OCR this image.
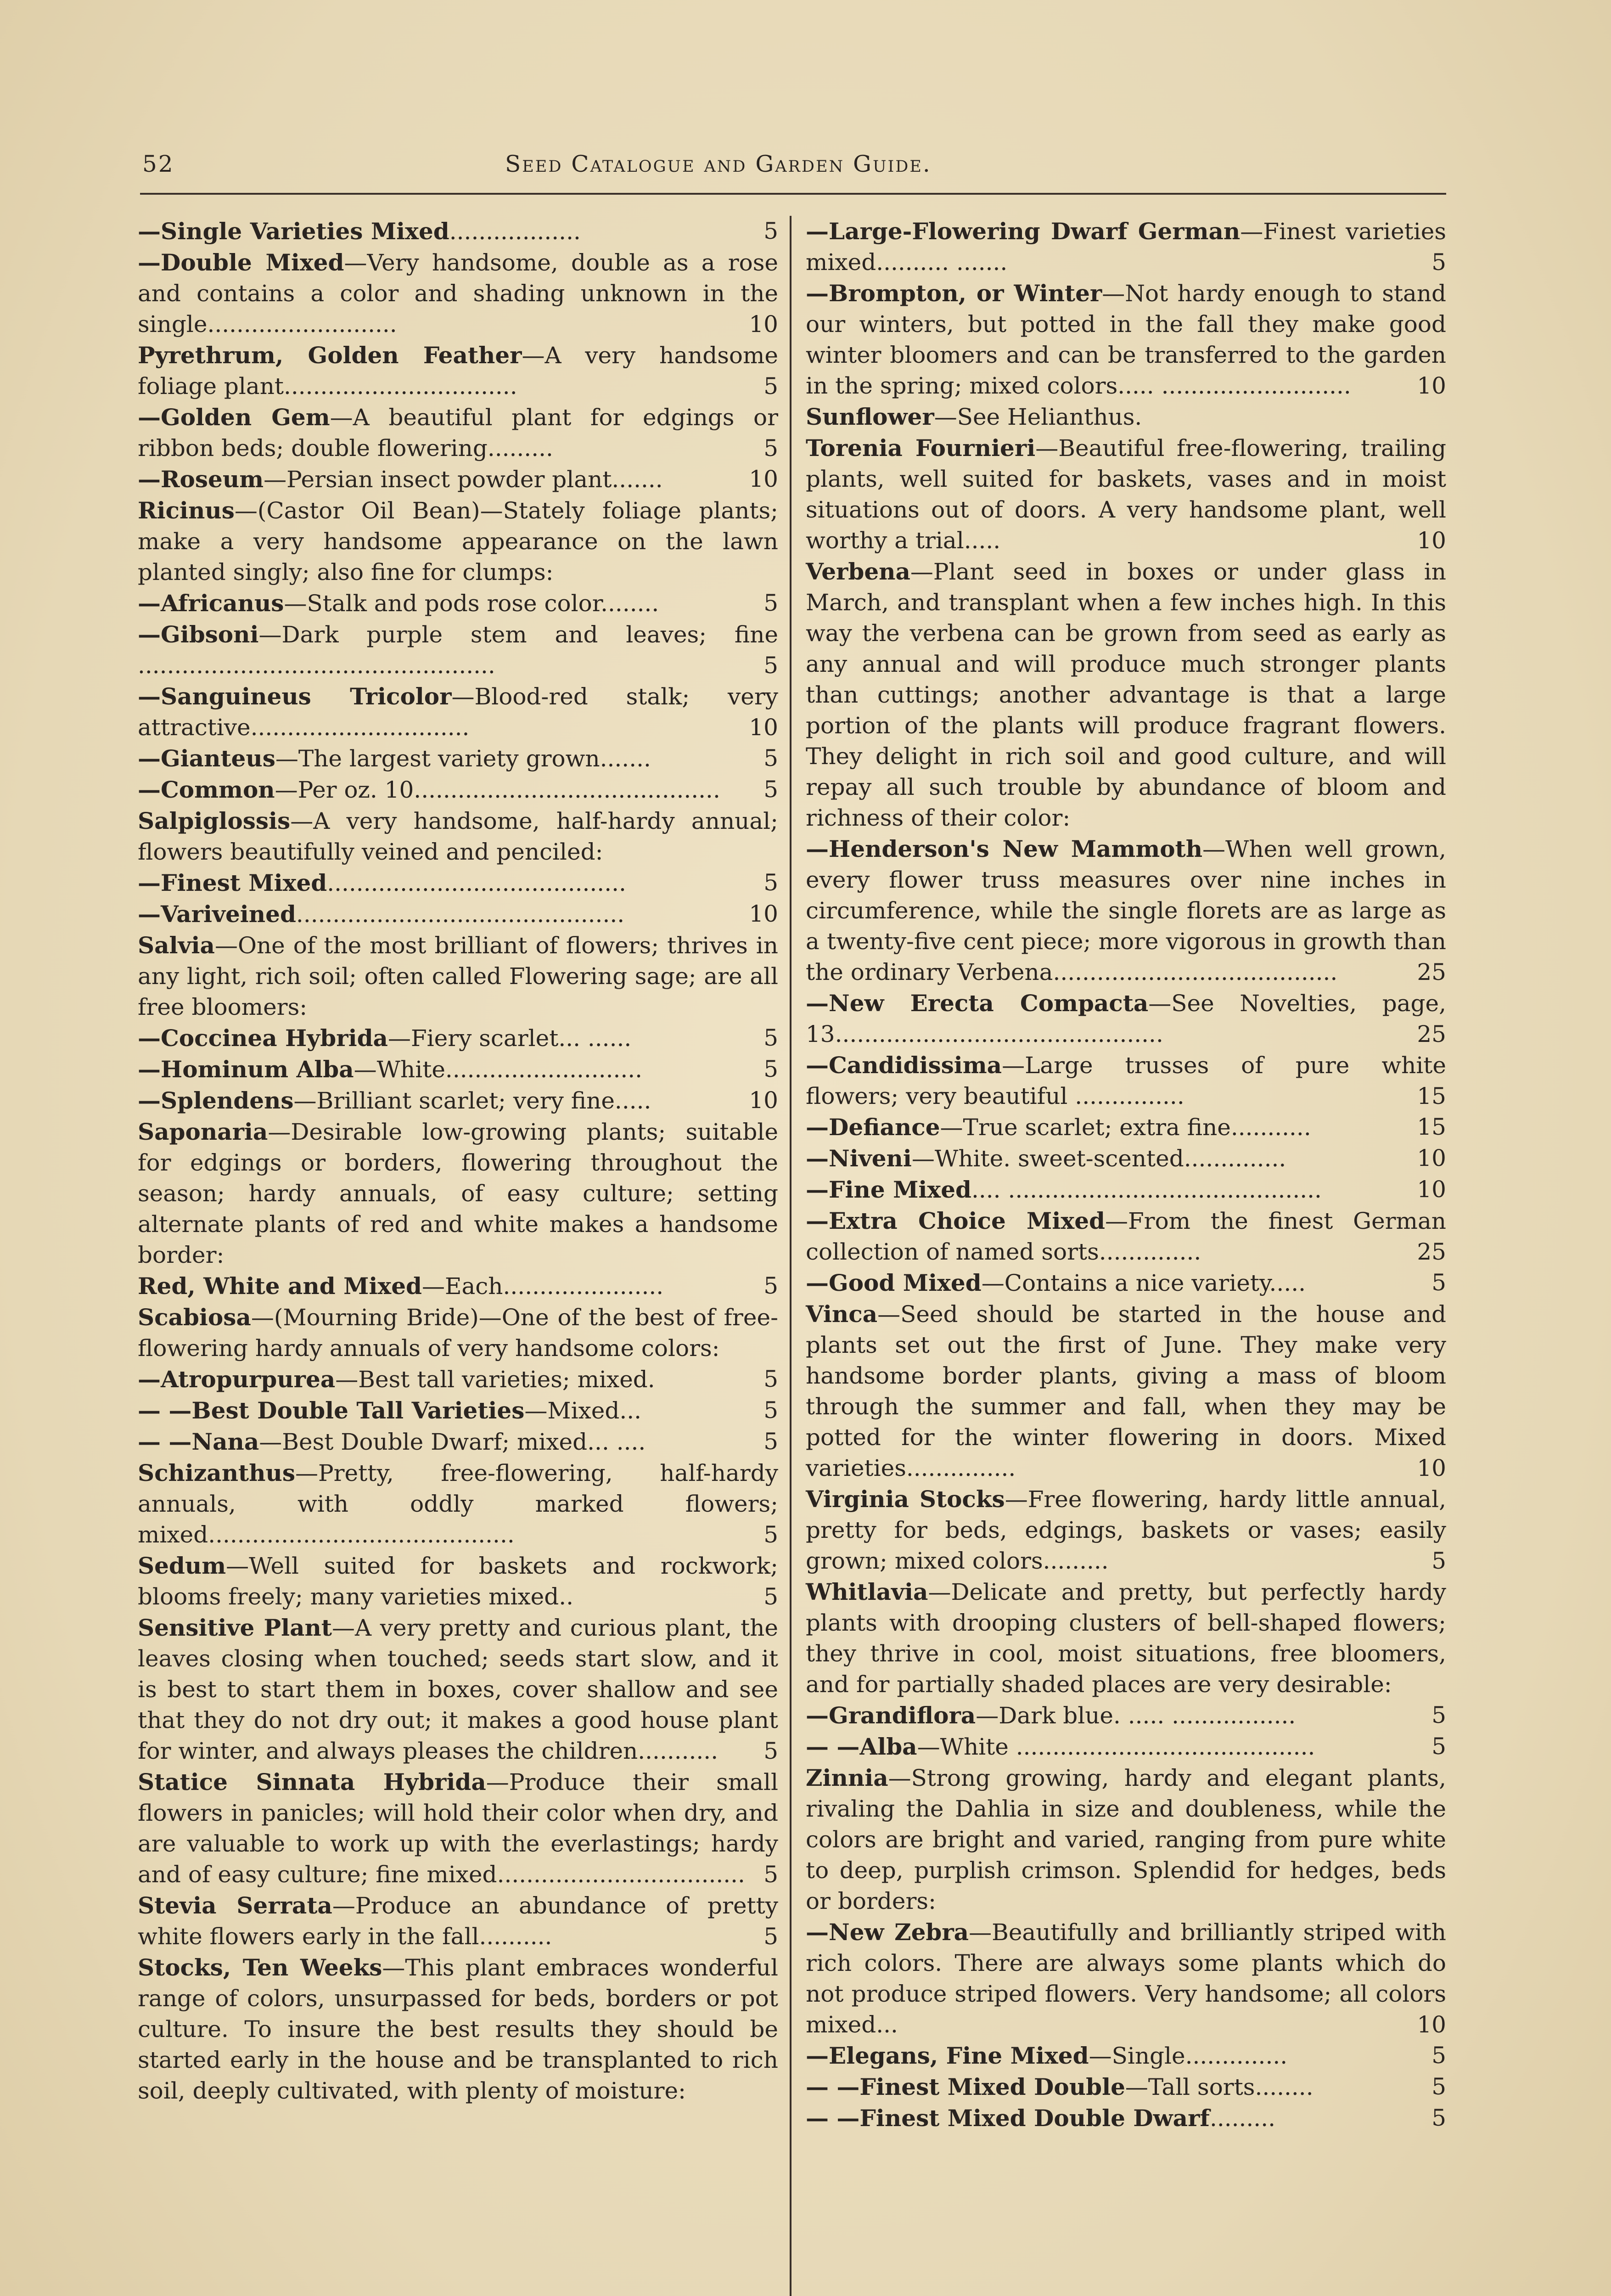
52	Seed Catalogue and Garden Guide.
—Single Varieties Mixed..................	5
—Double Mixed—Very handsome, double as a rose and contains a color and shading unknown in the single..........................	10
Pyrethrum, Golden Feather—A very handsome foliage plant................................	5
—Golden Gem—A beautiful plant for edgings or ribbon beds; double flowering.........	5
—Roseum—Persian insect powder plant.......	10
Ricinus—(Castor Oil Bean)—Stately foliage plants; make a very handsome appearance on the lawn planted singly; also fine for clumps:
—Africanus—Stalk and pods rose color........	5
—Gibsoni—Dark purple stem and leaves; fine .................................................	5
—Sanguineus Tricolor—Blood-red stalk; very attractive..............................	10
—Gianteus—The largest variety grown.......	5
—Common—Per oz. 10.......................................... 5
Salpiglossis—A very handsome, half-hardy annual; flowers beautifully veined and penciled:
—Finest Mixed.........................................	5
—Variveined.............................................	10
Salvia—One of the most brilliant of flowers; thrives in any light, rich soil; often called Flowering sage; are all free bloomers:
—Coccinea Hybrida—Fiery scarlet... ......	5
—Hominum Alba—White...........................	5
—Splendens—Brilliant scarlet; very fine.....	10
Saponaria—Desirable low-growing plants; suitable for edgings or borders, flowering throughout the season; hardy annuals, of easy culture; setting alternate plants of red and white makes a handsome border:
Red, White and Mixed—Each......................	5
Scabiosa—(Mourning Bride)—One of the best of free-flowering hardy annuals of very handsome colors:
—Atropurpurea—Best tall varieties; mixed.	5
— —Best Double Tall Varieties—Mixed...	5
— —Nana—Best Double Dwarf; mixed... ....	5
Schizanthus—Pretty, free-flowering, half-hardy annuals, with oddly marked flowers; mixed..........................................	5
Sedum—Well suited for baskets and rockwork; blooms freely; many varieties mixed..	5
Sensitive Plant—A very pretty and curious plant, the leaves closing when touched; seeds start slow, and it is best to start them in boxes, cover shallow and see that they do not dry out; it makes a good house plant for winter, and always pleases the children........... 5
Statice Sinnata Hybrida—Produce their small flowers in panicles; will hold their color when dry, and are valuable to work up with the everlastings; hardy and of easy culture; fine mixed.................................. 5
Stevia Serrata—Produce an abundance of pretty white flowers early in the fall..........	5
Stocks, Ten Weeks—This plant embraces wonderful range of colors, unsurpassed for beds, borders or pot culture. To insure the best results they should be started early in the house and be transplanted to rich soil, deeply cultivated, with plenty of moisture:
—Large-Flowering Dwarf German—Finest varieties mixed.......... .......	5
—Brompton, or Winter—Not hardy enough to stand our winters, but potted in the fall they make good winter bloomers and can be transferred to the garden in the spring; mixed colors..... ..........................	10
Sunflower—See Helianthus.
Torenia Fournieri—Beautiful free-flowering, trailing plants, well suited for baskets, vases and in moist situations out of doors. A very handsome plant, well worthy a trial.....	10
Verbena—Plant seed in boxes or under glass in March, and transplant when a few inches high. In this way the verbena can be grown from seed as early as any annual and will produce much stronger plants than cuttings; another advantage is that a large portion of the plants will produce fragrant flowers. They delight in rich soil and good culture, and will repay all such trouble by abundance of bloom and richness of their color:
—Henderson's New Mammoth—When well grown, every flower truss measures over nine inches in circumference, while the single florets are as large as a twenty-five cent piece; more vigorous in growth than the ordinary Verbena.......................................	25
—New Erecta Compacta—See Novelties, page, 13.............................................	25
—Candidissima—Large trusses of pure white flowers; very beautiful ...............	15
—Defiance—True scarlet; extra fine...........	15
—Niveni—White. sweet-scented..............	10
—Fine Mixed.... ...........................................	10
—Extra Choice Mixed—From the finest German collection of named sorts..............	25
—Good Mixed—Contains a nice variety.....	5
Vinca—Seed should be started in the house and plants set out the first of June. They make very handsome border plants, giving a mass of bloom through the summer and fall, when they may be potted for the winter flowering in doors. Mixed varieties...............	10
Virginia Stocks—Free flowering, hardy little annual, pretty for beds, edgings, baskets or vases; easily grown; mixed colors.........	5
Whitlavia—Delicate and pretty, but perfectly hardy plants with drooping clusters of bell-shaped flowers; they thrive in cool, moist situations, free bloomers, and for partially shaded places are very desirable:
—Grandiflora—Dark blue. ..... .................	5
— —Alba—White .........................................	5
Zinnia—Strong growing, hardy and elegant plants, rivaling the Dahlia in size and doubleness, while the colors are bright and varied, ranging from pure white to deep, purplish crimson. Splendid for hedges, beds or borders:
—New Zebra—Beautifully and brilliantly striped with rich colors. There are always some plants which do not produce striped flowers. Very handsome; all colors mixed...	10
—Elegans, Fine Mixed—Single..............	5
— —Finest Mixed Double—Tall sorts........	5
— —Finest Mixed Double Dwarf.........	5
